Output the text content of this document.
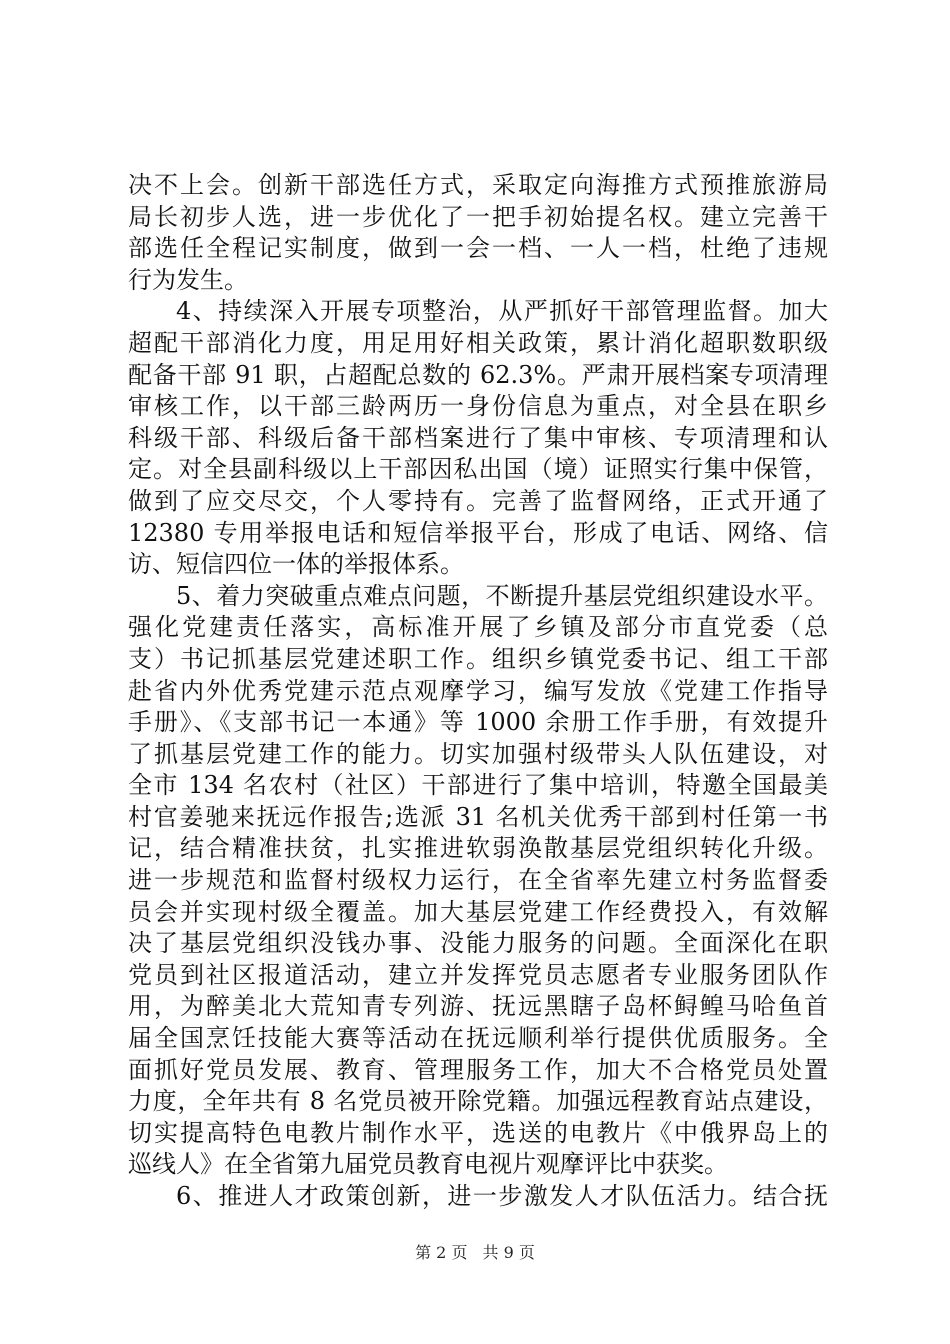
决不上会。创新干部选任方式，采取定向海推方式预推旅游局
局长初步人选，进一步优化了一把手初始提名权。建立完善干
部选任全程记实制度，做到一会一档、一人一档，杜绝了违规
行为发生。
4、持续深入开展专项整治，从严抓好干部管理监督。加大
超配干部消化力度，用足用好相关政策，累计消化超职数职级
配备干部 91 职，占超配总数的 62.3%。严肃开展档案专项清理
审核工作，以干部三龄两历一身份信息为重点，对全县在职乡
科级干部、科级后备干部档案进行了集中审核、专项清理和认
定。对全县副科级以上干部因私出国（境）证照实行集中保管，
做到了应交尽交，个人零持有。完善了监督网络，正式开通了
12380 专用举报电话和短信举报平台，形成了电话、网络、信
访、短信四位一体的举报体系。
5、着力突破重点难点问题，不断提升基层党组织建设水平。
强化党建责任落实，高标准开展了乡镇及部分市直党委（总
支）书记抓基层党建述职工作。组织乡镇党委书记、组工干部
赴省内外优秀党建示范点观摩学习，编写发放《党建工作指导
手册》、《支部书记一本通》等 1000 余册工作手册，有效提升
了抓基层党建工作的能力。切实加强村级带头人队伍建设，对
全市 134 名农村（社区）干部进行了集中培训，特邀全国最美
村官姜驰来抚远作报告;选派 31 名机关优秀干部到村任第一书
记，结合精准扶贫，扎实推进软弱涣散基层党组织转化升级。
进一步规范和监督村级权力运行，在全省率先建立村务监督委
员会并实现村级全覆盖。加大基层党建工作经费投入，有效解
决了基层党组织没钱办事、没能力服务的问题。全面深化在职
党员到社区报道活动，建立并发挥党员志愿者专业服务团队作
用，为醉美北大荒知青专列游、抚远黑瞎子岛杯鲟鳇马哈鱼首
届全国烹饪技能大赛等活动在抚远顺利举行提供优质服务。全
面抓好党员发展、教育、管理服务工作，加大不合格党员处置
力度，全年共有 8 名党员被开除党籍。加强远程教育站点建设，
切实提高特色电教片制作水平，选送的电教片《中俄界岛上的
巡线人》在全省第九届党员教育电视片观摩评比中获奖。
6、推进人才政策创新，进一步激发人才队伍活力。结合抚
第 2 页 共 9 页
